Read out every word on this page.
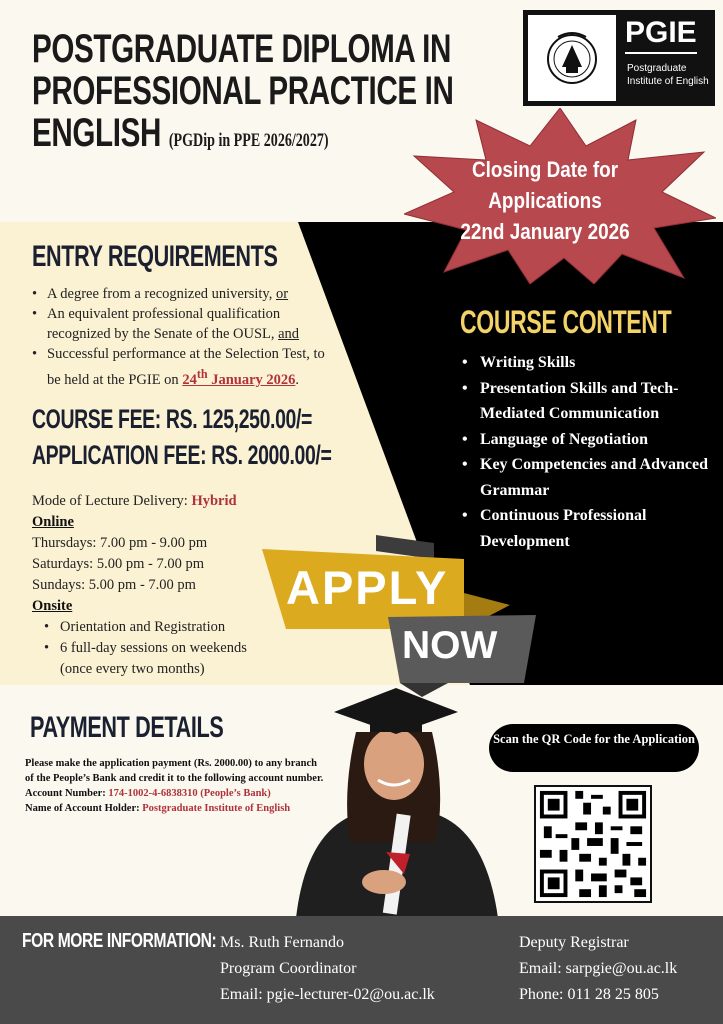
POSTGRADUATE DIPLOMA IN
PROFESSIONAL PRACTICE IN
ENGLISH (PGDip in PPE 2026/2027)
PGIE
Postgraduate Institute of English
Closing Date for
Applications
22nd January 2026
ENTRY REQUIREMENTS
• A degree from a recognized university, or
• An equivalent professional qualification recognized by the Senate of the OUSL, and
• Successful performance at the Selection Test, to be held at the PGIE on 24th January 2026.
COURSE FEE: RS. 125,250.00/=
APPLICATION FEE: RS. 2000.00/=
Mode of Lecture Delivery: Hybrid
Online
Thursdays: 7.00 pm - 9.00 pm
Saturdays: 5.00 pm - 7.00 pm
Sundays: 5.00 pm - 7.00 pm
Onsite
• Orientation and Registration
• 6 full-day sessions on weekends
(once every two months)
COURSE CONTENT
• Writing Skills
• Presentation Skills and Tech-Mediated Communication
• Language of Negotiation
• Key Competencies and Advanced Grammar
• Continuous Professional Development
APPLY
NOW
PAYMENT DETAILS
Please make the application payment (Rs. 2000.00) to any branch of the People’s Bank and credit it to the following account number.
Account Number: 174-1002-4-6838310 (People’s Bank)
Name of Account Holder: Postgraduate Institute of English
Scan the QR Code for the Application
FOR MORE INFORMATION: Ms. Ruth Fernando
Program Coordinator
Email: pgie-lecturer-02@ou.ac.lk
Deputy Registrar
Email: sarpgie@ou.ac.lk
Phone: 011 28 25 805
